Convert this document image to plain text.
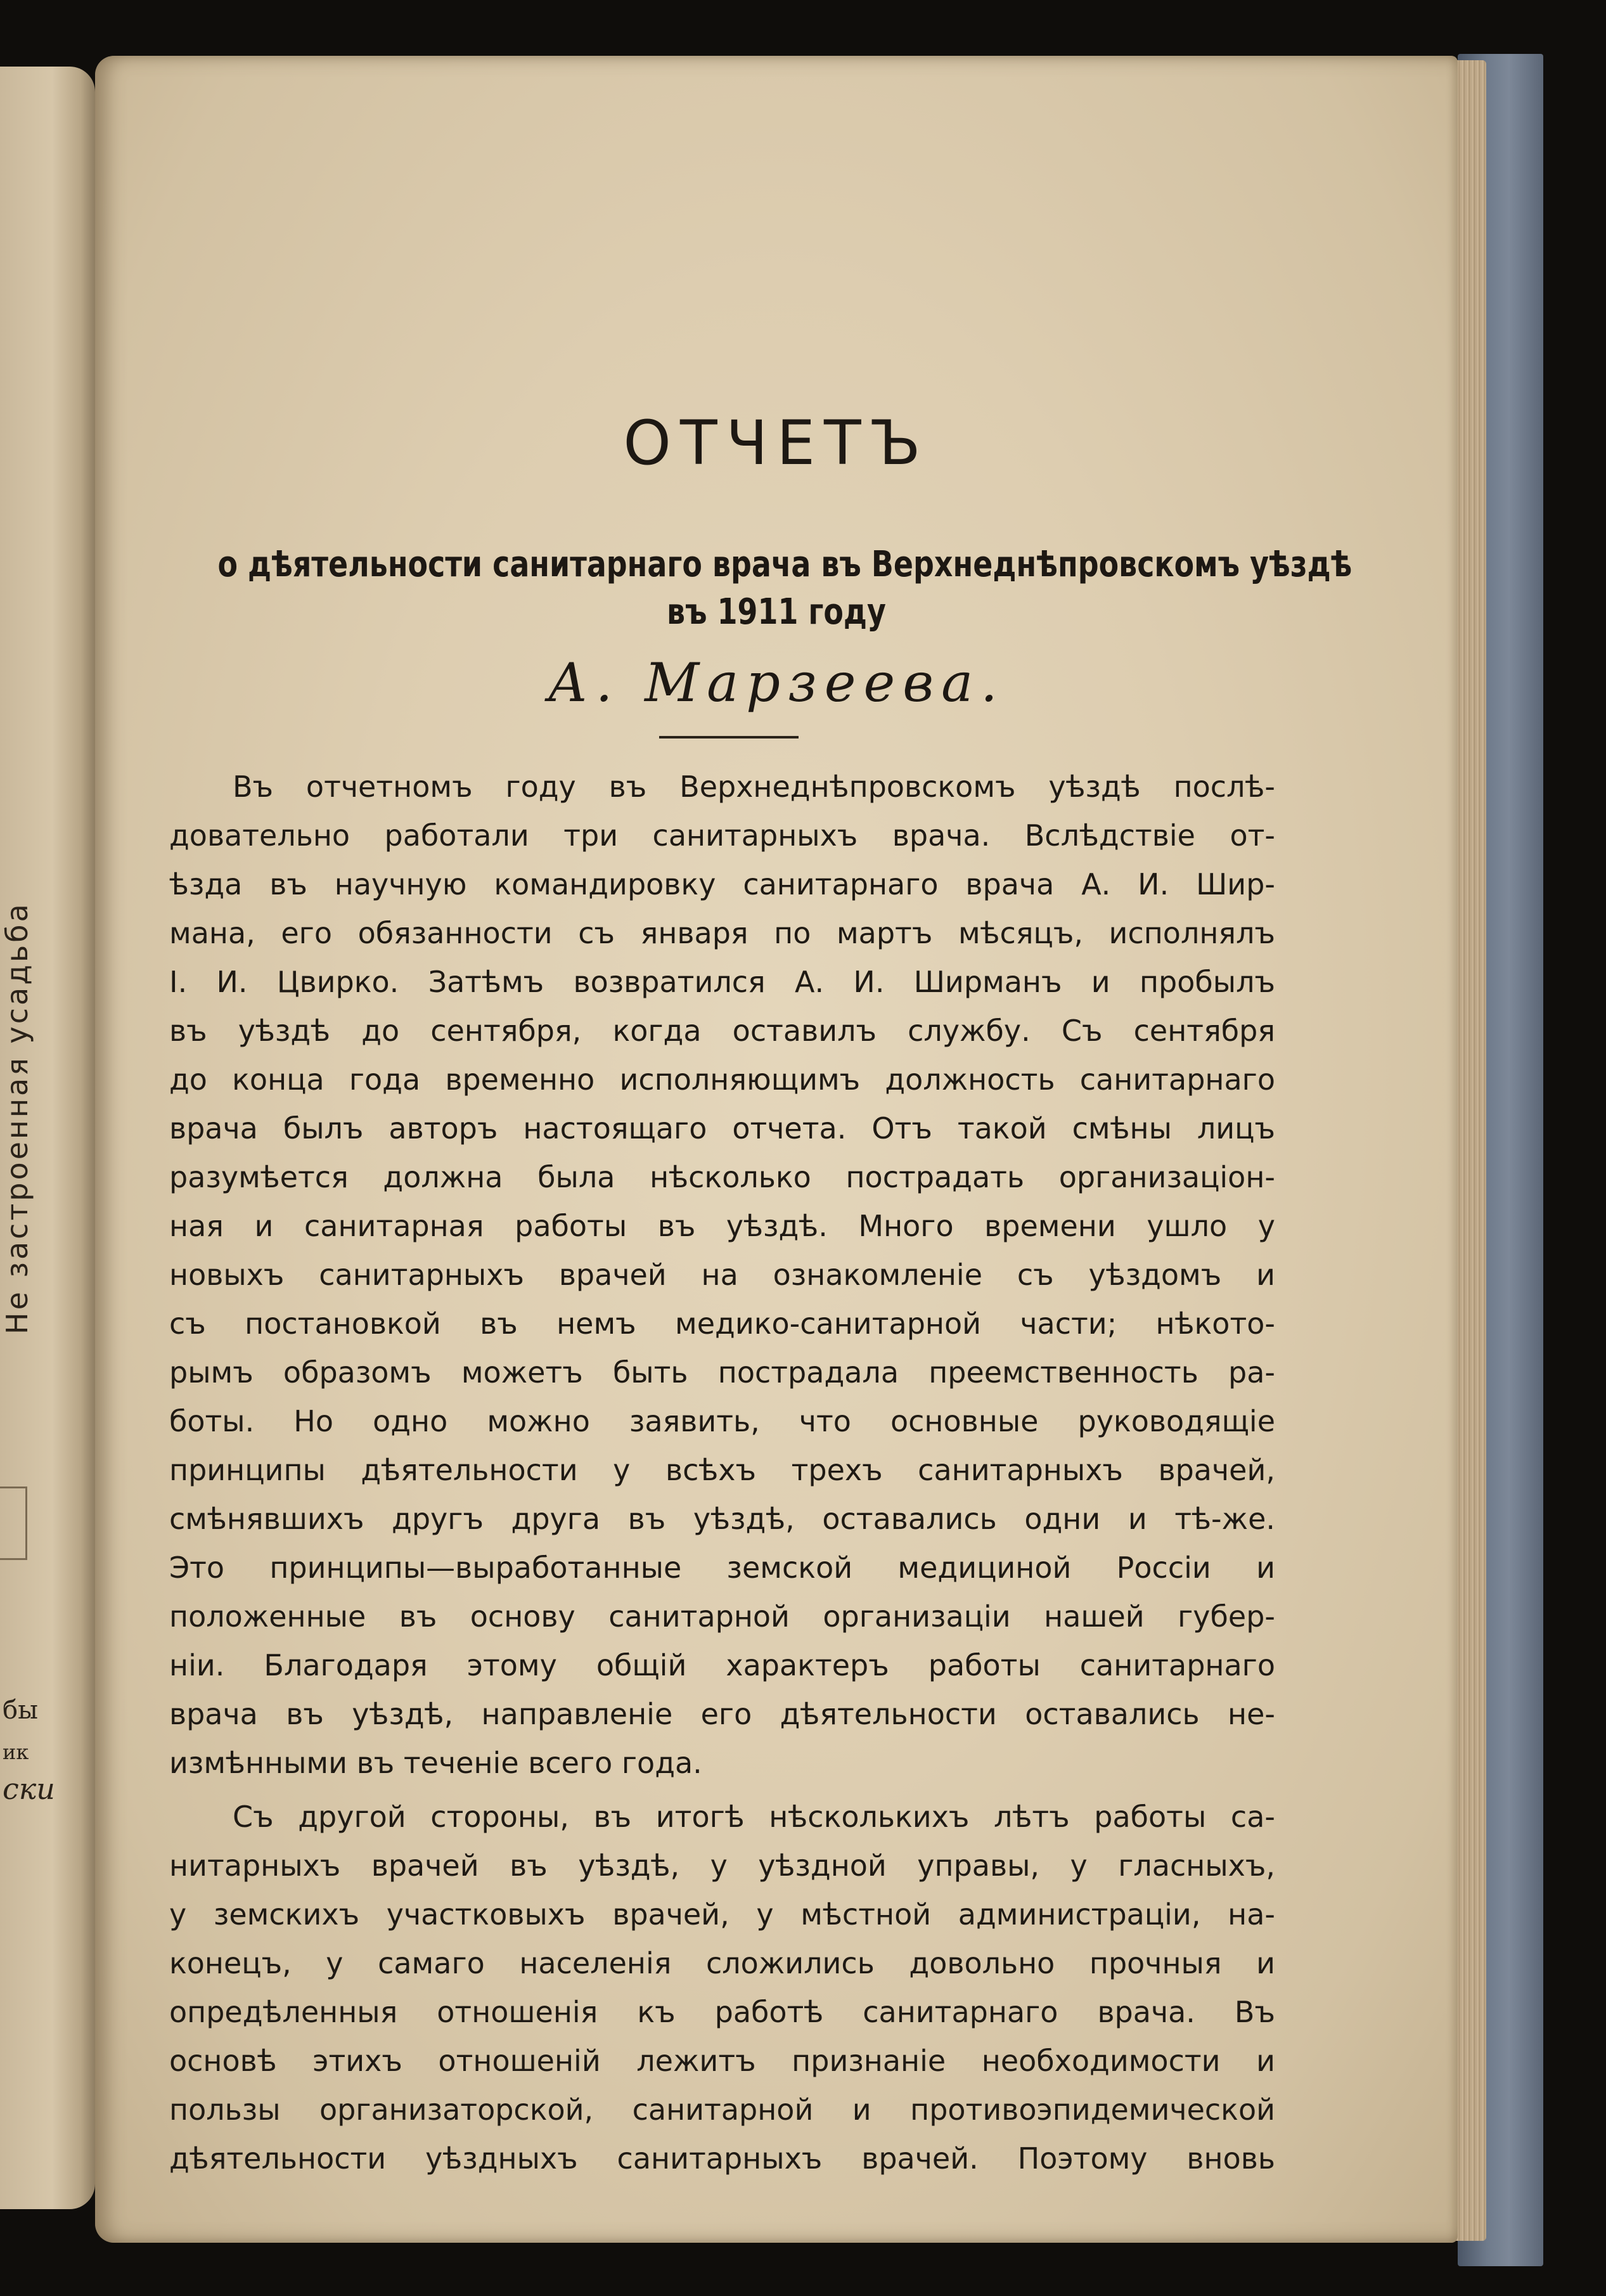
Не застроенная усадьба
бы
ик
ски
ОТЧЕТЪ
о дѣятельности санитарнаго врача въ Верхнеднѣпровскомъ уѣздѣ
въ 1911 году
А. Марзеева.
Въ отчетномъ году въ Верхнеднѣпровскомъ уѣздѣ послѣ-
довательно работали три санитарныхъ врача. Вслѣдствіе от-
ѣзда въ научную командировку санитарнаго врача А. И. Шир-
мана, его обязанности съ января по мартъ мѣсяцъ, исполнялъ
І. И. Цвирко. Затѣмъ возвратился А. И. Ширманъ и пробылъ
въ уѣздѣ до сентября, когда оставилъ службу. Съ сентября
до конца года временно исполняющимъ должность санитарнаго
врача былъ авторъ настоящаго отчета. Отъ такой смѣны лицъ
разумѣется должна была нѣсколько пострадать организаціон-
ная и санитарная работы въ уѣздѣ. Много времени ушло у
новыхъ санитарныхъ врачей на ознакомленіе съ уѣздомъ и
съ постановкой въ немъ медико-санитарной части; нѣкото-
рымъ образомъ можетъ быть пострадала преемственность ра-
боты. Но одно можно заявить, что основные руководящіе
принципы дѣятельности у всѣхъ трехъ санитарныхъ врачей,
смѣнявшихъ другъ друга въ уѣздѣ, оставались одни и тѣ-же.
Это принципы—выработанные земской медициной Россіи и
положенные въ основу санитарной организаціи нашей губер-
ніи. Благодаря этому общій характеръ работы санитарнаго
врача въ уѣздѣ, направленіе его дѣятельности оставались не-
измѣнными въ теченіе всего года.
Съ другой стороны, въ итогѣ нѣсколькихъ лѣтъ работы са-
нитарныхъ врачей въ уѣздѣ, у уѣздной управы, у гласныхъ,
у земскихъ участковыхъ врачей, у мѣстной администраціи, на-
конецъ, у самаго населенія сложились довольно прочныя и
опредѣленныя отношенія къ работѣ санитарнаго врача. Въ
основѣ этихъ отношеній лежитъ признаніе необходимости и
пользы организаторской, санитарной и противоэпидемической
дѣятельности уѣздныхъ санитарныхъ врачей. Поэтому вновь
